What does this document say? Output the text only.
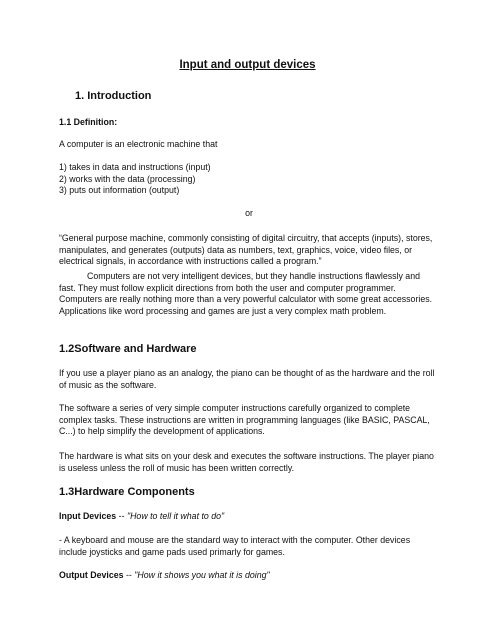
Input and output devices
1. Introduction
1.1 Definition:

A computer is an electronic machine that

1) takes in data and instructions (input)
2) works with the data (processing)
3) puts out information (output)

or

“General purpose machine, commonly consisting of digital circuitry, that accepts (inputs), stores, manipulates, and generates (outputs) data as numbers, text, graphics, voice, video files, or electrical signals, in accordance with instructions called a program.”

Computers are not very intelligent devices, but they handle instructions flawlessly and fast. They must follow explicit directions from both the user and computer programmer. Computers are really nothing more than a very powerful calculator with some great accessories. Applications like word processing and games are just a very complex math problem.

1.2Software and Hardware

If you use a player piano as an analogy, the piano can be thought of as the hardware and the roll of music as the software.

The software a series of very simple computer instructions carefully organized to complete complex tasks. These instructions are written in programming languages (like BASIC, PASCAL, C...) to help simplify the development of applications.

The hardware is what sits on your desk and executes the software instructions. The player piano is useless unless the roll of music has been written correctly.

1.3Hardware Components

Input Devices -- "How to tell it what to do"

- A keyboard and mouse are the standard way to interact with the computer. Other devices include joysticks and game pads used primarly for games.

Output Devices -- "How it shows you what it is doing"
